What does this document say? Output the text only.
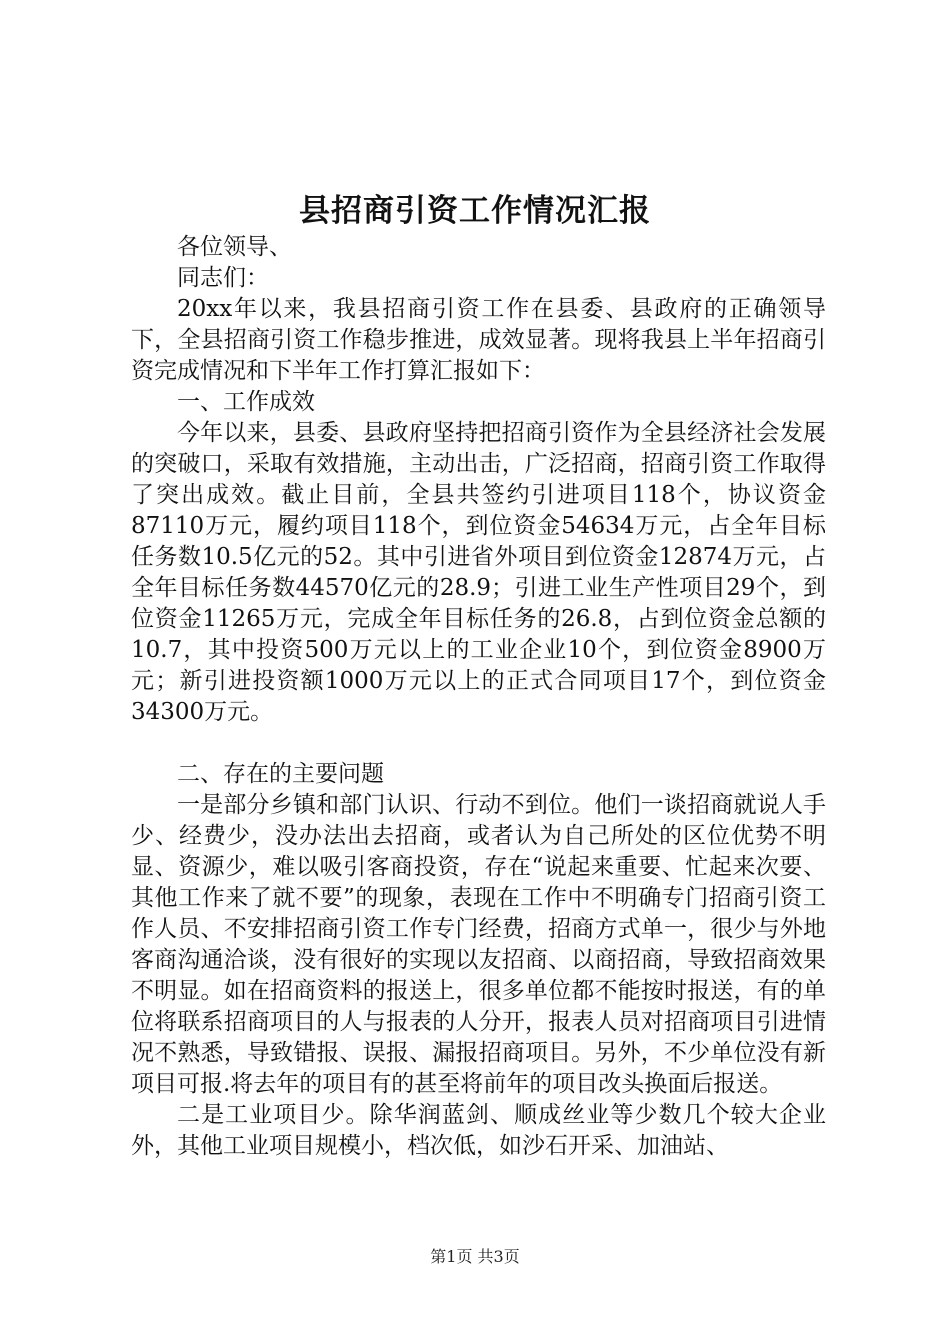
县招商引资工作情况汇报

各位领导、

同志们：

20xx年以来，我县招商引资工作在县委、县政府的正确领导下，全县招商引资工作稳步推进，成效显著。现将我县上半年招商引资完成情况和下半年工作打算汇报如下：

一、工作成效

今年以来，县委、县政府坚持把招商引资作为全县经济社会发展的突破口，采取有效措施，主动出击，广泛招商，招商引资工作取得了突出成效。截止目前，全县共签约引进项目118个，协议资金87110万元，履约项目118个，到位资金54634万元，占全年目标任务数10.5亿元的52。其中引进省外项目到位资金12874万元，占全年目标任务数44570亿元的28.9；引进工业生产性项目29个，到位资金11265万元，完成全年目标任务的26.8，占到位资金总额的10.7，其中投资500万元以上的工业企业10个，到位资金8900万元；新引进投资额1000万元以上的正式合同项目17个，到位资金34300万元。

二、存在的主要问题

一是部分乡镇和部门认识、行动不到位。他们一谈招商就说人手少、经费少，没办法出去招商，或者认为自己所处的区位优势不明显、资源少，难以吸引客商投资，存在“说起来重要、忙起来次要、其他工作来了就不要”的现象，表现在工作中不明确专门招商引资工作人员、不安排招商引资工作专门经费，招商方式单一，很少与外地客商沟通洽谈，没有很好的实现以友招商、以商招商，导致招商效果不明显。如在招商资料的报送上，很多单位都不能按时报送，有的单位将联系招商项目的人与报表的人分开，报表人员对招商项目引进情况不熟悉，导致错报、误报、漏报招商项目。另外，不少单位没有新项目可报.将去年的项目有的甚至将前年的项目改头换面后报送。

二是工业项目少。除华润蓝剑、顺成丝业等少数几个较大企业外，其他工业项目规模小，档次低，如沙石开采、加油站、

第1页 共3页
